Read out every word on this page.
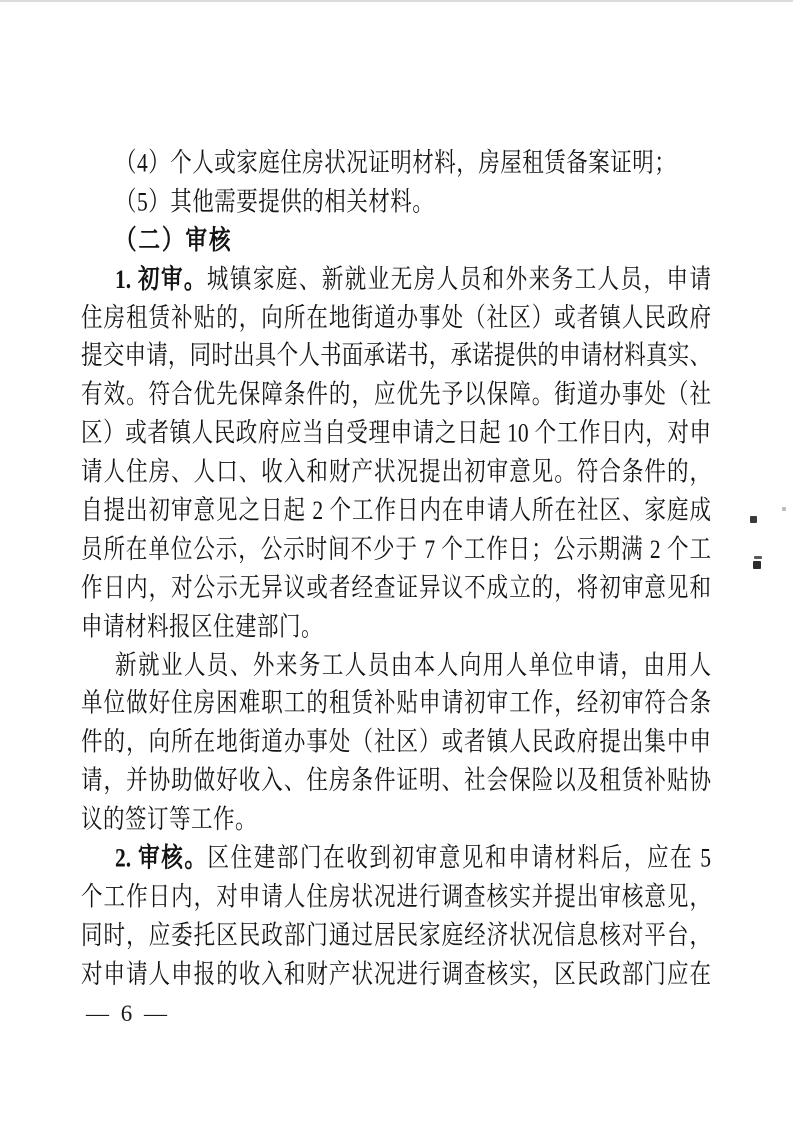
（4）个人或家庭住房状况证明材料，房屋租赁备案证明；
（5）其他需要提供的相关材料。
（二）审核
1. 初审。城镇家庭、新就业无房人员和外来务工人员，申请
住房租赁补贴的，向所在地街道办事处（社区）或者镇人民政府
提交申请，同时出具个人书面承诺书，承诺提供的申请材料真实、
有效。符合优先保障条件的，应优先予以保障。街道办事处（社
区）或者镇人民政府应当自受理申请之日起 10 个工作日内，对申
请人住房、人口、收入和财产状况提出初审意见。符合条件的，
自提出初审意见之日起 2 个工作日内在申请人所在社区、家庭成
员所在单位公示，公示时间不少于 7 个工作日；公示期满 2 个工
作日内，对公示无异议或者经查证异议不成立的，将初审意见和
申请材料报区住建部门。
新就业人员、外来务工人员由本人向用人单位申请，由用人
单位做好住房困难职工的租赁补贴申请初审工作，经初审符合条
件的，向所在地街道办事处（社区）或者镇人民政府提出集中申
请，并协助做好收入、住房条件证明、社会保险以及租赁补贴协
议的签订等工作。
2. 审核。区住建部门在收到初审意见和申请材料后，应在 5
个工作日内，对申请人住房状况进行调查核实并提出审核意见，
同时，应委托区民政部门通过居民家庭经济状况信息核对平台，
对申请人申报的收入和财产状况进行调查核实，区民政部门应在
— 6 —
